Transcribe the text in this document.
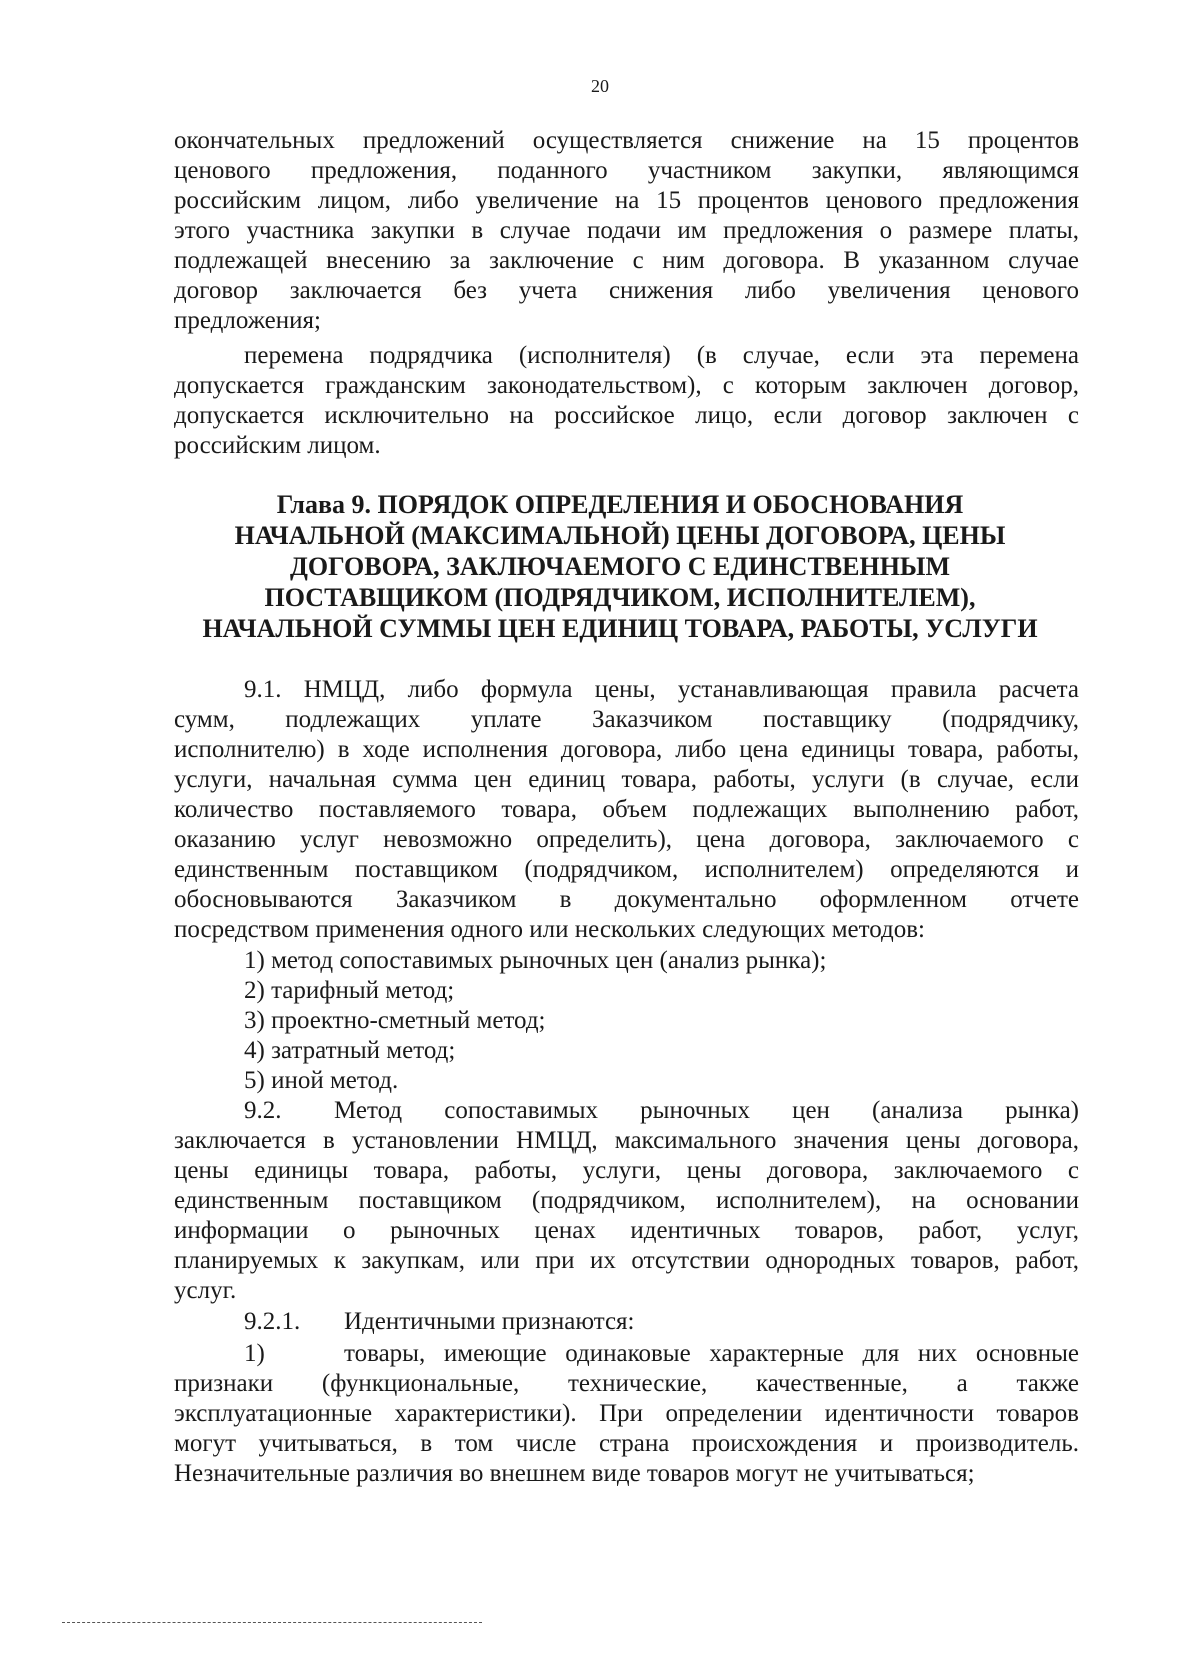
20
окончательных предложений осуществляется снижение на 15 процентов
ценового предложения, поданного участником закупки, являющимся
российским лицом, либо увеличение на 15 процентов ценового предложения
этого участника закупки в случае подачи им предложения о размере платы,
подлежащей внесению за заключение с ним договора. В указанном случае
договор заключается без учета снижения либо увеличения ценового
предложения;
перемена подрядчика (исполнителя) (в случае, если эта перемена
допускается гражданским законодательством), с которым заключен договор,
допускается исключительно на российское лицо, если договор заключен с
российским лицом.
Глава 9. ПОРЯДОК ОПРЕДЕЛЕНИЯ И ОБОСНОВАНИЯ
НАЧАЛЬНОЙ (МАКСИМАЛЬНОЙ) ЦЕНЫ ДОГОВОРА, ЦЕНЫ
ДОГОВОРА, ЗАКЛЮЧАЕМОГО С ЕДИНСТВЕННЫМ
ПОСТАВЩИКОМ (ПОДРЯДЧИКОМ, ИСПОЛНИТЕЛЕМ),
НАЧАЛЬНОЙ СУММЫ ЦЕН ЕДИНИЦ ТОВАРА, РАБОТЫ, УСЛУГИ
9.1. НМЦД, либо формула цены, устанавливающая правила расчета
сумм, подлежащих уплате Заказчиком поставщику (подрядчику,
исполнителю) в ходе исполнения договора, либо цена единицы товара, работы,
услуги, начальная сумма цен единиц товара, работы, услуги (в случае, если
количество поставляемого товара, объем подлежащих выполнению работ,
оказанию услуг невозможно определить), цена договора, заключаемого с
единственным поставщиком (подрядчиком, исполнителем) определяются и
обосновываются Заказчиком в документально оформленном отчете
посредством применения одного или нескольких следующих методов:
1) метод сопоставимых рыночных цен (анализ рынка);
2) тарифный метод;
3) проектно-сметный метод;
4) затратный метод;
5) иной метод.
9.2.	Метод сопоставимых рыночных цен (анализа рынка)
заключается в установлении НМЦД, максимального значения цены договора,
цены единицы товара, работы, услуги, цены договора, заключаемого с
единственным поставщиком (подрядчиком, исполнителем), на основании
информации о рыночных ценах идентичных товаров, работ, услуг,
планируемых к закупкам, или при их отсутствии однородных товаров, работ,
услуг.
9.2.1.	Идентичными признаются:
1)	товары, имеющие одинаковые характерные для них основные
признаки (функциональные, технические, качественные, а также
эксплуатационные характеристики). При определении идентичности товаров
могут учитываться, в том числе страна происхождения и производитель.
Незначительные различия во внешнем виде товаров могут не учитываться;
